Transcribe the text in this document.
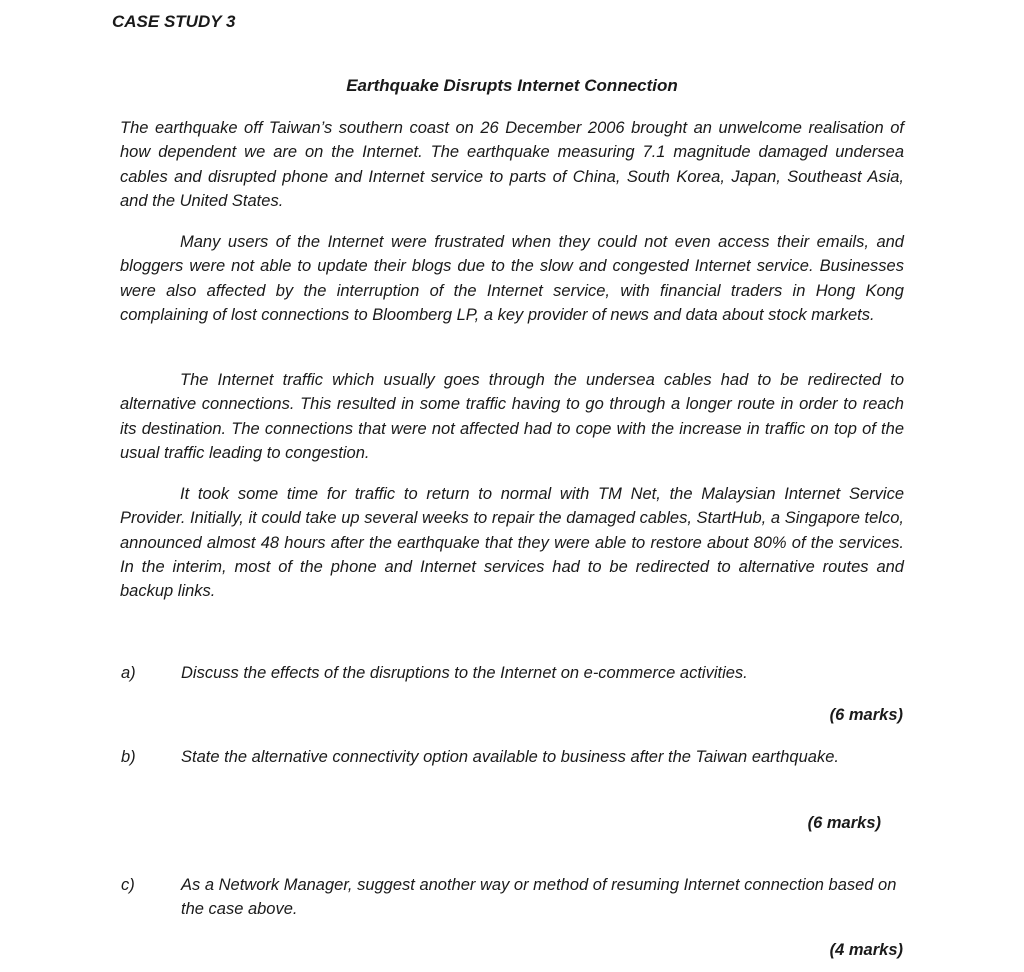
CASE STUDY 3
Earthquake Disrupts Internet Connection

The earthquake off Taiwan’s southern coast on 26 December 2006 brought an unwelcome realisation of how dependent we are on the Internet. The earthquake measuring 7.1 magnitude damaged undersea cables and disrupted phone and Internet service to parts of China, South Korea, Japan, Southeast Asia, and the United States.

Many users of the Internet were frustrated when they could not even access their emails, and bloggers were not able to update their blogs due to the slow and congested Internet service. Businesses were also affected by the interruption of the Internet service, with financial traders in Hong Kong complaining of lost connections to Bloomberg LP, a key provider of news and data about stock markets.

The Internet traffic which usually goes through the undersea cables had to be redirected to alternative connections. This resulted in some traffic having to go through a longer route in order to reach its destination. The connections that were not affected had to cope with the increase in traffic on top of the usual traffic leading to congestion.

It took some time for traffic to return to normal with TM Net, the Malaysian Internet Service Provider. Initially, it could take up several weeks to repair the damaged cables, StartHub, a Singapore telco, announced almost 48 hours after the earthquake that they were able to restore about 80% of the services. In the interim, most of the phone and Internet services had to be redirected to alternative routes and backup links.

a)	Discuss the effects of the disruptions to the Internet on e-commerce activities.

(6 marks)
b)	State the alternative connectivity option available to business after the Taiwan earthquake.

(6 marks)
c)	As a Network Manager, suggest another way or method of resuming Internet connection based on the case above.

(4 marks)
